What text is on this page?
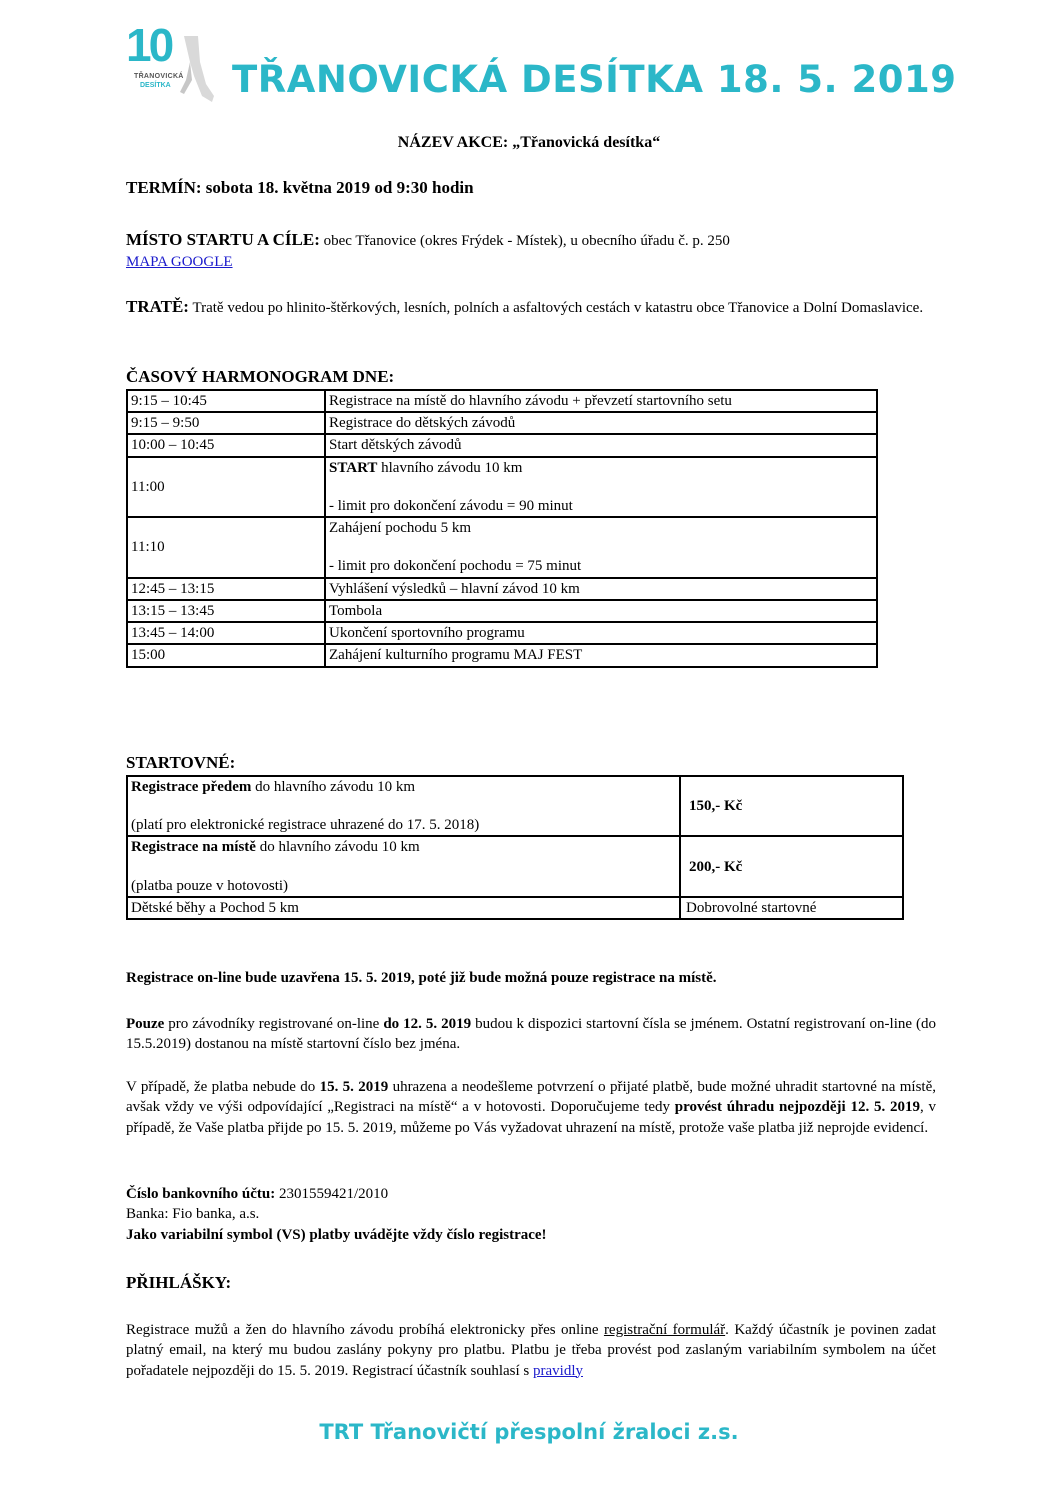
10
TŘANOVICKÁ
DESÍTKA TŘANOVICKÁ DESÍTKA 18. 5. 2019
NÁZEV AKCE: „Třanovická desítka“
TERMÍN: sobota 18. května 2019 od 9:30 hodin

MÍSTO STARTU A CÍLE: obec Třanovice (okres Frýdek - Místek), u obecního úřadu č. p. 250

MAPA GOOGLE

TRATĚ: Tratě vedou po hlinito-štěrkových, lesních, polních a asfaltových cestách v katastru obce Třanovice a Dolní Domaslavice.

ČASOVÝ HARMONOGRAM DNE:
9:15 – 10:45	Registrace na místě do hlavního závodu + převzetí startovního setu
9:15 – 9:50	Registrace do dětských závodů
10:00 – 10:45	Start dětských závodů
11:00	START hlavního závodu 10 km

- limit pro dokončení závodu = 90 minut

11:10	Zahájení pochodu 5 km

- limit pro dokončení pochodu = 75 minut

12:45 – 13:15	Vyhlášení výsledků – hlavní závod 10 km
13:15 – 13:45	Tombola
13:45 – 14:00	Ukončení sportovního programu
15:00	Zahájení kulturního programu MAJ FEST
STARTOVNÉ:

Registrace předem do hlavního závodu 10 km

(platí pro elektronické registrace uhrazené do 17. 5. 2018)	150,- Kč

Registrace na místě do hlavního závodu 10 km

(platba pouze v hotovosti)	200,- Kč
Dětské běhy a Pochod 5 km	Dobrovolné startovné
Registrace on-line bude uzavřena 15. 5. 2019, poté již bude možná pouze registrace na místě.
Pouze pro závodníky registrované on-line do 12. 5. 2019 budou k dispozici startovní čísla se jménem. Ostatní registrovaní on-line (do 15.5.2019) dostanou na místě startovní číslo bez jména.
V případě, že platba nebude do 15. 5. 2019 uhrazena a neodešleme potvrzení o přijaté platbě, bude možné uhradit startovné na místě, avšak vždy ve výši odpovídající „Registraci na místě“ a v hotovosti. Doporučujeme tedy provést úhradu nejpozději 12. 5. 2019, v případě, že Vaše platba přijde po 15. 5. 2019, můžeme po Vás vyžadovat uhrazení na místě, protože vaše platba již neprojde evidencí.

Číslo bankovního účtu: 2301559421/2010

Banka: Fio banka, a.s.

Jako variabilní symbol (VS) platby uvádějte vždy číslo registrace!

PŘIHLÁŠKY:
Registrace mužů a žen do hlavního závodu probíhá elektronicky přes online registrační formulář. Každý účastník je povinen zadat platný email, na který mu budou zaslány pokyny pro platbu. Platbu je třeba provést pod zaslaným variabilním symbolem na účet pořadatele nejpozději do 15. 5. 2019. Registrací účastník souhlasí s pravidly
TRT Třanovičtí přespolní žraloci z.s.
